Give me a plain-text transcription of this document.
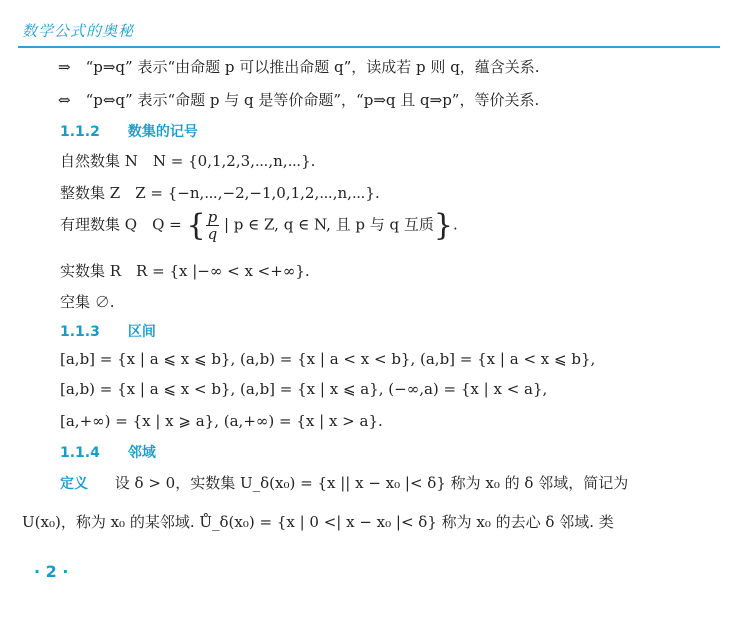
数学公式的奥秘
⇒　“p⇒q” 表示“由命题 p 可以推出命题 q”，读成若 p 则 q，蕴含关系.
⇔　“p⇔q” 表示“命题 p 与 q 是等价命题”，“p⇒q 且 q⇒p”，等价关系.
1.1.2　　数集的记号
自然数集 N　N = {0,1,2,3,⋯,n,⋯}.
整数集 Z　Z = {−n,⋯,−2,−1,0,1,2,⋯,n,⋯}.
有理数集 Q　Q = { $\frac{p}{q}$ | p ∈ Z, q ∈ N, 且 p 与 q 互质}.
实数集 R　R = {x |−∞ < x <+∞}.
空集 ∅.
1.1.3　　区间
[a,b] = {x | a ⩽ x ⩽ b}, (a,b) = {x | a < x < b}, (a,b] = {x | a < x ⩽ b},
[a,b) = {x | a ⩽ x < b}, (a,b] = {x | x ⩽ a}, (−∞,a) = {x | x < a},
[a,+∞) = {x | x ⩾ a}, (a,+∞) = {x | x > a}.
1.1.4　　邻域
定义 设 δ > 0，实数集 U_δ(x₀) = {x || x − x₀ |< δ} 称为 x₀ 的 δ 邻域，简记为
U(x₀)，称为 x₀ 的某邻域. Ů_δ(x₀) = {x | 0 <| x − x₀ |< δ} 称为 x₀ 的去心 δ 邻域. 类
· 2 ·
